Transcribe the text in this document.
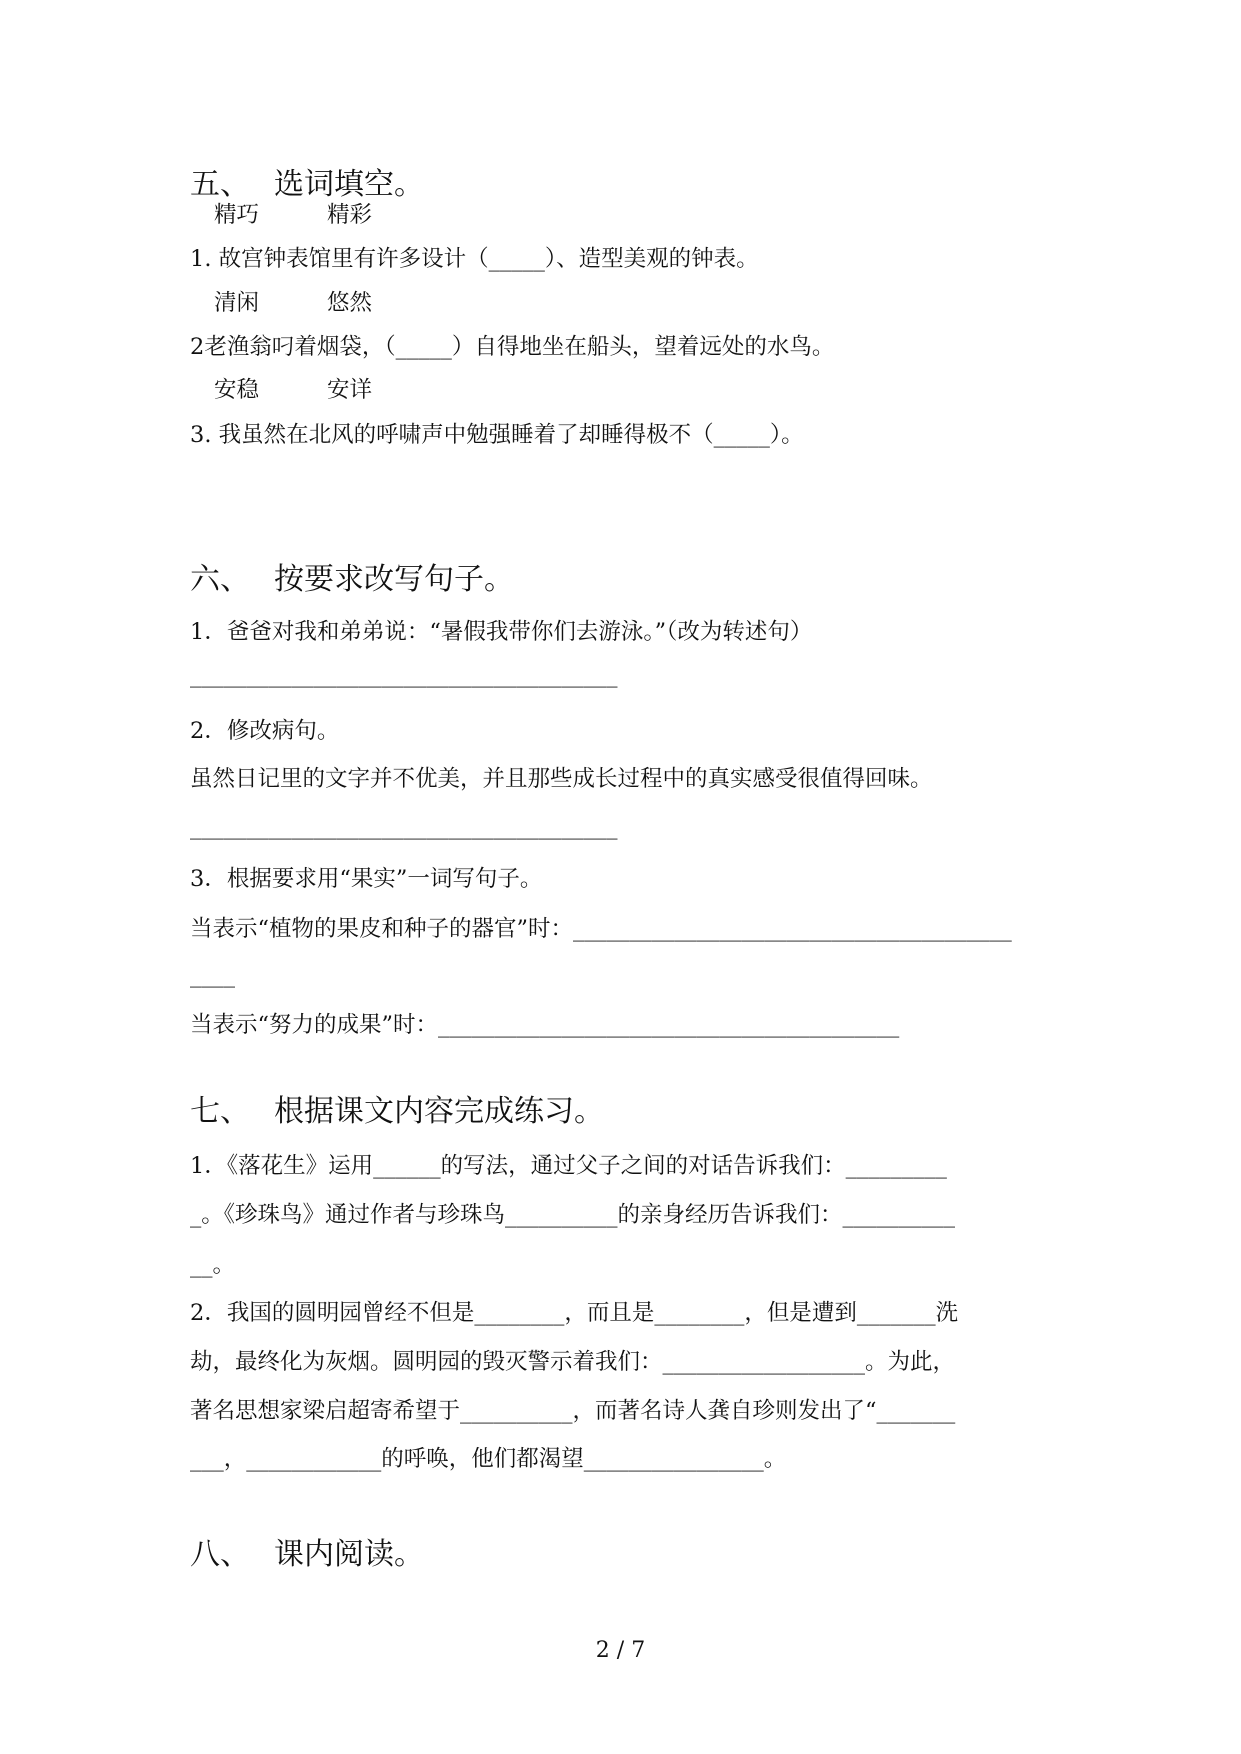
五、 选词填空。
精巧	精彩
1. 故宫钟表馆里有许多设计（_____）、造型美观的钟表。
清闲	悠然
2老渔翁叼着烟袋，（_____）自得地坐在船头，望着远处的水鸟。
安稳	安详
3. 我虽然在北风的呼啸声中勉强睡着了却睡得极不（_____）。
六、 按要求改写句子。
1．爸爸对我和弟弟说：“暑假我带你们去游泳。”（改为转述句）
______________________________________
2．修改病句。
虽然日记里的文字并不优美，并且那些成长过程中的真实感受很值得回味。
______________________________________
3．根据要求用“果实”一词写句子。
当表示“植物的果皮和种子的器官”时：_______________________________________
____
当表示“努力的成果”时：_________________________________________
七、 根据课文内容完成练习。
1．《落花生》运用______的写法，通过父子之间的对话告诉我们：_________
_。《珍珠鸟》通过作者与珍珠鸟__________的亲身经历告诉我们：__________
__。
2．我国的圆明园曾经不但是________，而且是________，但是遭到_______洗
劫，最终化为灰烟。圆明园的毁灭警示着我们：__________________。为此，
著名思想家梁启超寄希望于__________，而著名诗人龚自珍则发出了“_______
___，____________的呼唤，他们都渴望________________。
八、 课内阅读。
2 / 7
